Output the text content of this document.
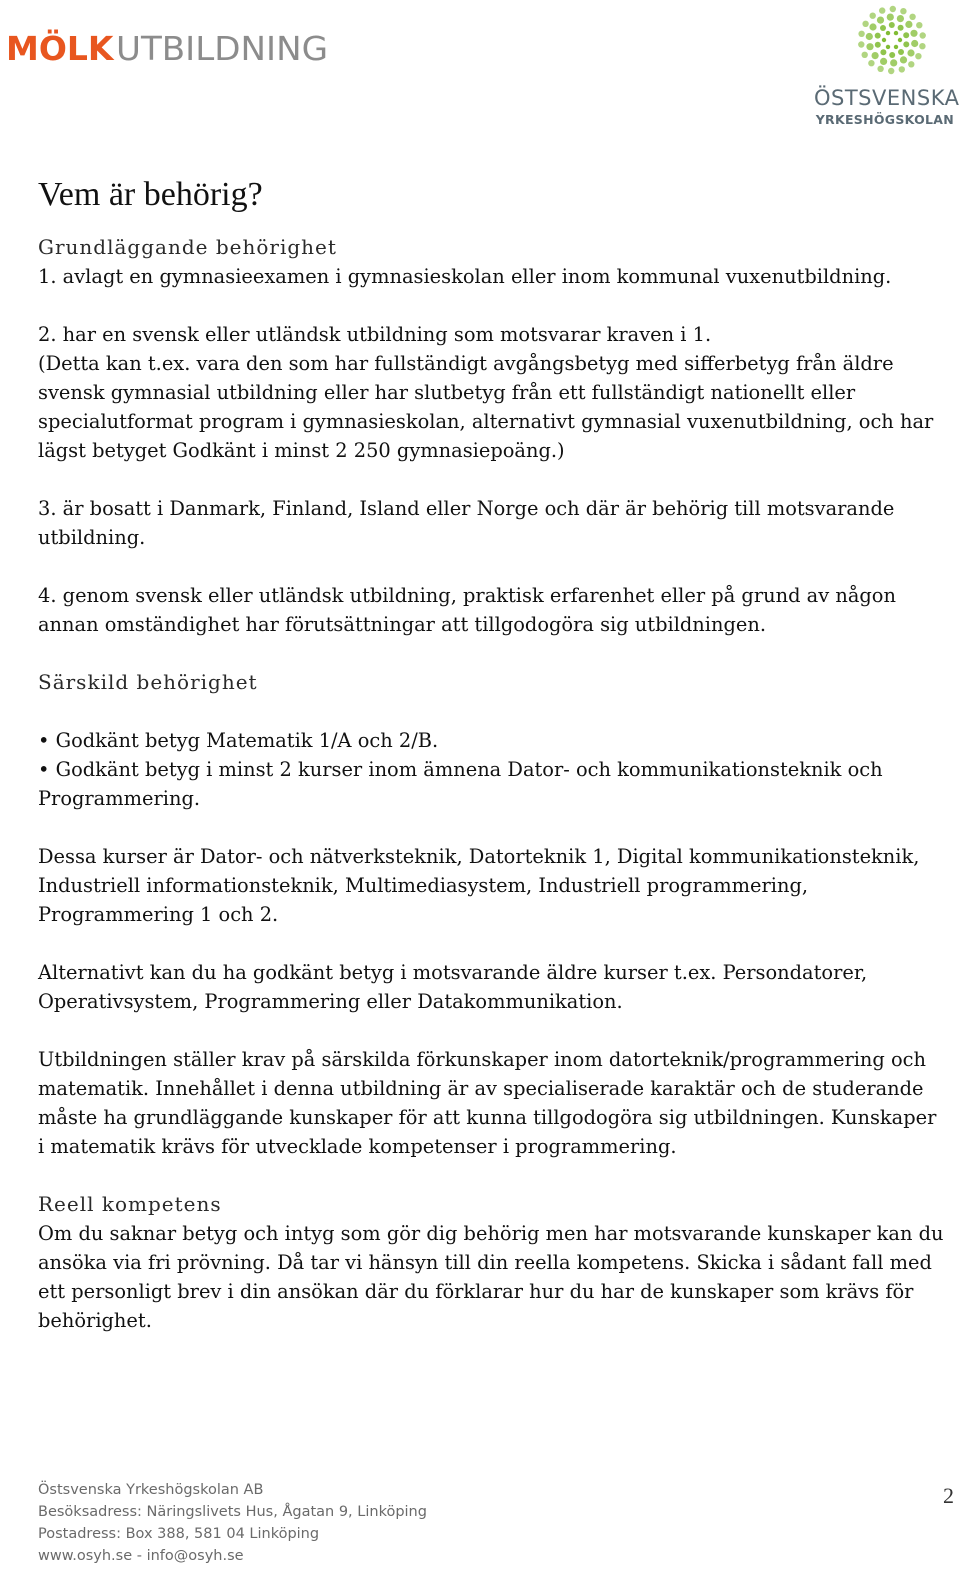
MÖLK UTBILDNING
ÖSTSVENSKA
YRKESHÖGSKOLAN
Vem är behörig?
Grundläggande behörighet

1. avlagt en gymnasieexamen i gymnasieskolan eller inom kommunal vuxenutbildning.

2. har en svensk eller utländsk utbildning som motsvarar kraven i 1.

(Detta kan t.ex. vara den som har fullständigt avgångsbetyg med sifferbetyg från äldre svensk gymnasial utbildning eller har slutbetyg från ett fullständigt nationellt eller specialutformat program i gymnasieskolan, alternativt gymnasial vuxenutbildning, och har lägst betyget Godkänt i minst 2 250 gymnasiepoäng.)

3. är bosatt i Danmark, Finland, Island eller Norge och där är behörig till motsvarande utbildning.

4. genom svensk eller utländsk utbildning, praktisk erfarenhet eller på grund av någon annan omständighet har förutsättningar att tillgodogöra sig utbildningen.

Särskild behörighet

• Godkänt betyg Matematik 1/A och 2/B.

• Godkänt betyg i minst 2 kurser inom ämnena Dator- och kommunikationsteknik och Programmering.

Dessa kurser är Dator- och nätverksteknik, Datorteknik 1, Digital kommunikationsteknik, Industriell informationsteknik, Multimediasystem, Industriell programmering, Programmering 1 och 2.

Alternativt kan du ha godkänt betyg i motsvarande äldre kurser t.ex. Persondatorer, Operativsystem, Programmering eller Datakommunikation.

Utbildningen ställer krav på särskilda förkunskaper inom datorteknik/programmering och matematik. Innehållet i denna utbildning är av specialiserade karaktär och de studerande måste ha grundläggande kunskaper för att kunna tillgodogöra sig utbildningen. Kunskaper i matematik krävs för utvecklade kompetenser i programmering.

Reell kompetens

Om du saknar betyg och intyg som gör dig behörig men har motsvarande kunskaper kan du ansöka via fri prövning. Då tar vi hänsyn till din reella kompetens. Skicka i sådant fall med ett personligt brev i din ansökan där du förklarar hur du har de kunskaper som krävs för behörighet.

Östsvenska Yrkeshögskolan AB
Besöksadress: Näringslivets Hus, Ågatan 9, Linköping
Postadress: Box 388, 581 04 Linköping
www.osyh.se - info@osyh.se
2
